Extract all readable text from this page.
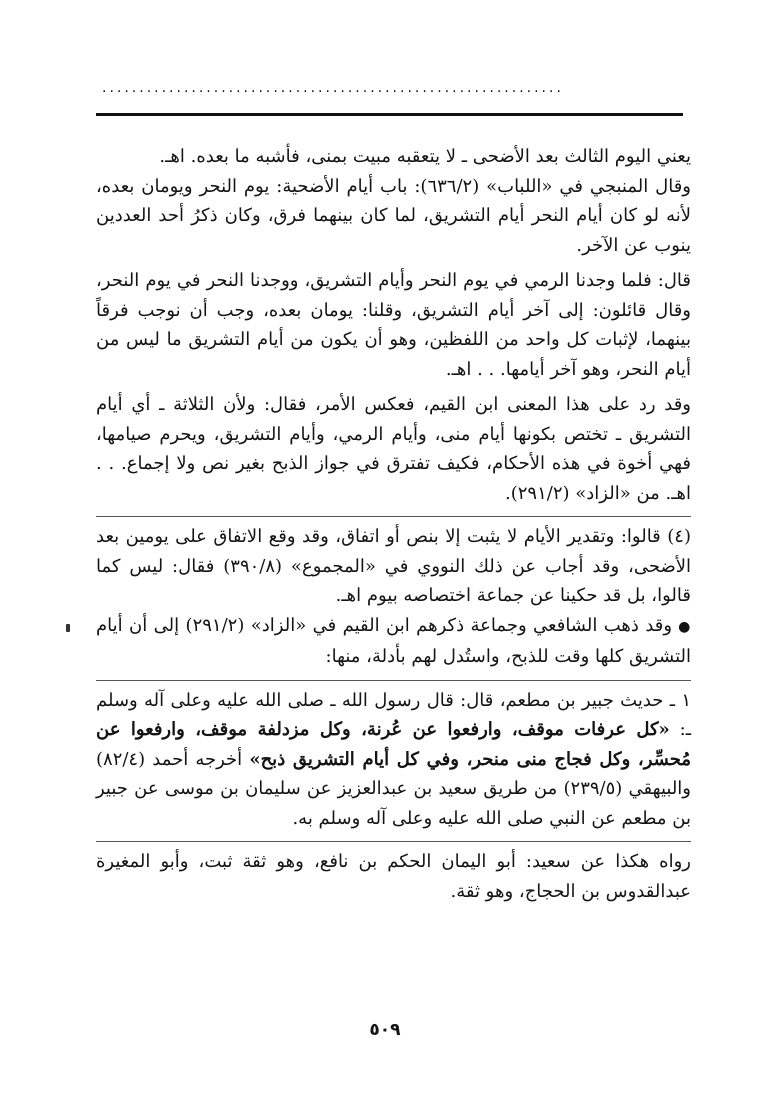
..............................................................

يعني اليوم الثالث بعد الأضحى ـ لا يتعقبه مبيت بمنى، فأشبه ما بعده. اهـ.

وقال المنبجي في «اللباب» (٦٣٦/٢): باب أيام الأضحية: يوم النحر ويومان بعده، لأنه لو كان أيام النحر أيام التشريق، لما كان بينهما فرق، وكان ذكرُ أحد العددين ينوب عن الآخر.

قال: فلما وجدنا الرمي في يوم النحر وأيام التشريق، ووجدنا النحر في يوم النحر، وقال قائلون: إلى آخر أيام التشريق، وقلنا: يومان بعده، وجب أن نوجب فرقاً بينهما، لإثبات كل واحد من اللفظين، وهو أن يكون من أيام التشريق ما ليس من أيام النحر، وهو آخر أيامها. . . اهـ.

وقد رد على هذا المعنى ابن القيم، فعكس الأمر، فقال: ولأن الثلاثة ـ أي أيام التشريق ـ تختص بكونها أيام منى، وأيام الرمي، وأيام التشريق، ويحرم صيامها، فهي أخوة في هذه الأحكام، فكيف تفترق في جواز الذبح بغير نص ولا إجماع. . . اهـ. من «الزاد» (٢٩١/٢).

(٤) قالوا: وتقدير الأيام لا يثبت إلا بنص أو اتفاق، وقد وقع الاتفاق على يومين بعد الأضحى، وقد أجاب عن ذلك النووي في «المجموع» (٣٩٠/٨) فقال: ليس كما قالوا، بل قد حكينا عن جماعة اختصاصه بيوم اهـ.

●وقد ذهب الشافعي وجماعة ذكرهم ابن القيم في «الزاد» (٢٩١/٢) إلى أن أيام التشريق كلها وقت للذبح، واستُدل لهم بأدلة، منها:

١ ـ حديث جبير بن مطعم، قال: قال رسول الله ـ صلى الله عليه وعلى آله وسلم ـ: «كل عرفات موقف، وارفعوا عن عُرنة، وكل مزدلفة موقف، وارفعوا عن مُحسِّر، وكل فجاج منى منحر، وفي كل أيام التشريق ذبح» أخرجه أحمد (٨٢/٤) والبيهقي (٢٣٩/٥) من طريق سعيد بن عبدالعزيز عن سليمان بن موسى عن جبير بن مطعم عن النبي صلى الله عليه وعلى آله وسلم به.

رواه هكذا عن سعيد: أبو اليمان الحكم بن نافع، وهو ثقة ثبت، وأبو المغيرة عبدالقدوس بن الحجاج، وهو ثقة.

٥٠٩
